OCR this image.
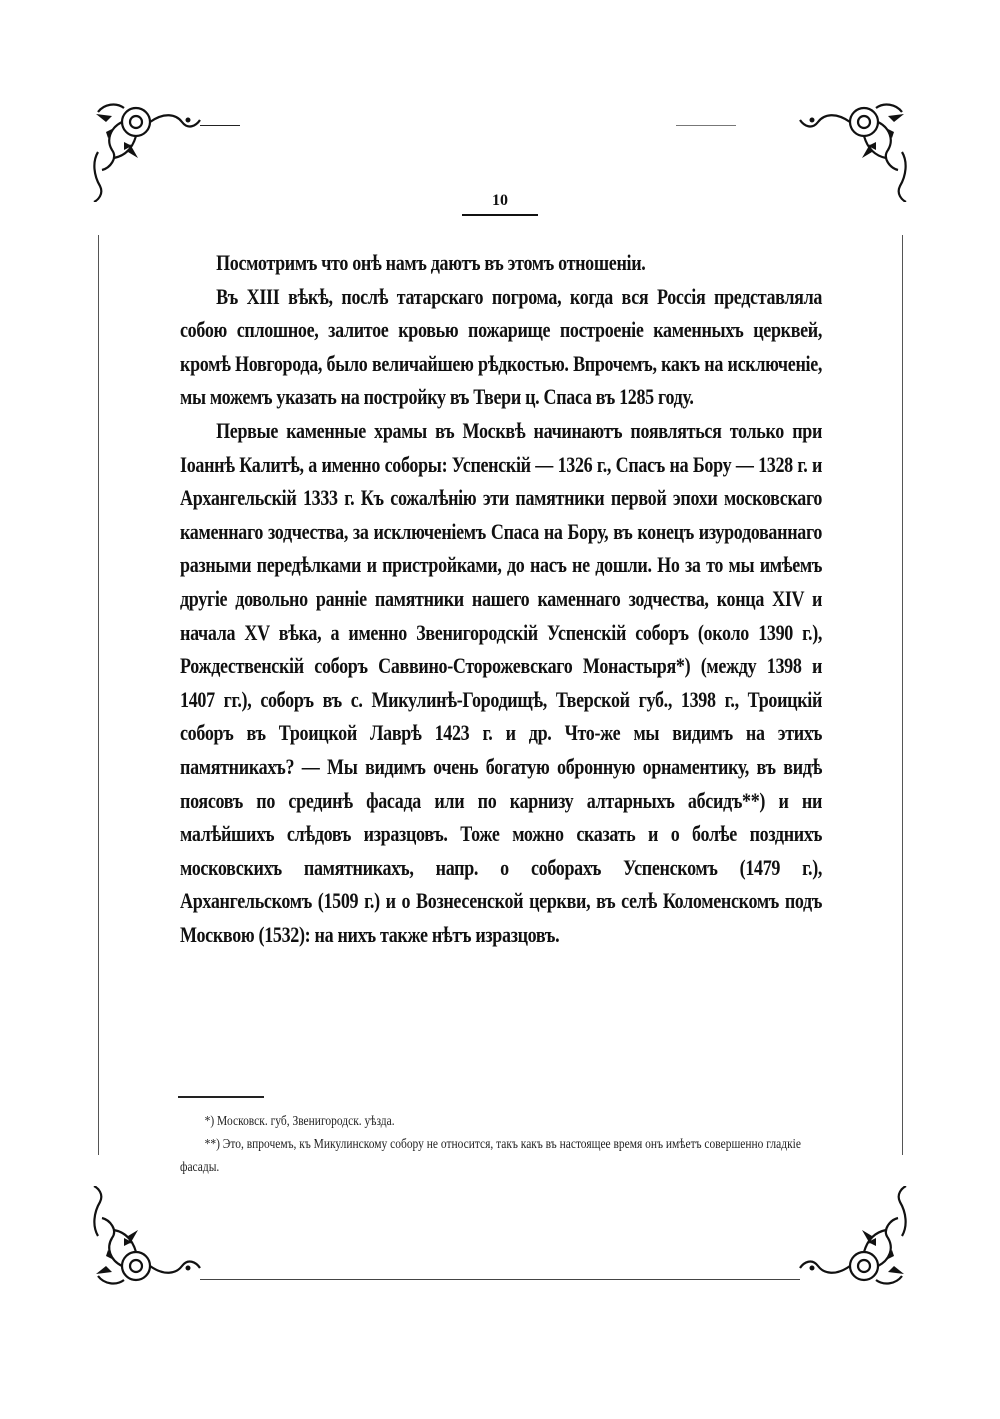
10

Посмотримъ что онѣ намъ даютъ въ этомъ отношеніи.

Въ XIII вѣкѣ, послѣ татарскаго погрома, когда вся Россія представляла собою сплошное, залитое кровью пожарище построеніе каменныхъ церквей, кромѣ Новгорода, было величайшею рѣдкостью. Впрочемъ, какъ на исключеніе, мы можемъ указать на постройку въ Твери ц. Спаса въ 1285 году.

Первые каменные храмы въ Москвѣ начинаютъ появляться только при Іоаннѣ Калитѣ, а именно соборы: Успенскій — 1326 г., Спасъ на Бору — 1328 г. и Архангельскій 1333 г. Къ сожалѣнію эти памятники первой эпохи московскаго каменнаго зодчества, за исключеніемъ Спаса на Бору, въ конецъ изуродованнаго разными передѣлками и пристройками, до насъ не дошли. Но за то мы имѣемъ другіе довольно ранніе памятники нашего каменнаго зодчества, конца XIV и начала XV вѣка, а именно Звенигородскій Успенскій соборъ (около 1390 г.), Рождественскій соборъ Саввино-Сторожевскаго Монастыря*) (между 1398 и 1407 гг.), соборъ въ с. Микулинѣ-Городищѣ, Тверской губ., 1398 г., Троицкій соборъ въ Троицкой Лаврѣ 1423 г. и др. Что-же мы видимъ на этихъ памятникахъ? — Мы видимъ очень богатую обронную орнаментику, въ видѣ поясовъ по срединѣ фасада или по карнизу алтарныхъ абсидъ**) и ни малѣйшихъ слѣдовъ изразцовъ. Тоже можно сказать и о болѣе позднихъ московскихъ памятникахъ, напр. о соборахъ Успенскомъ (1479 г.), Архангельскомъ (1509 г.) и о Вознесенской церкви, въ селѣ Коломенскомъ подъ Москвою (1532): на нихъ также нѣтъ изразцовъ.

*) Московск. губ, Звенигородск. уѣзда.

**) Это, впрочемъ, къ Микулинскому собору не относится, такъ какъ въ настоящее время онъ имѣетъ совершенно гладкіе фасады.
